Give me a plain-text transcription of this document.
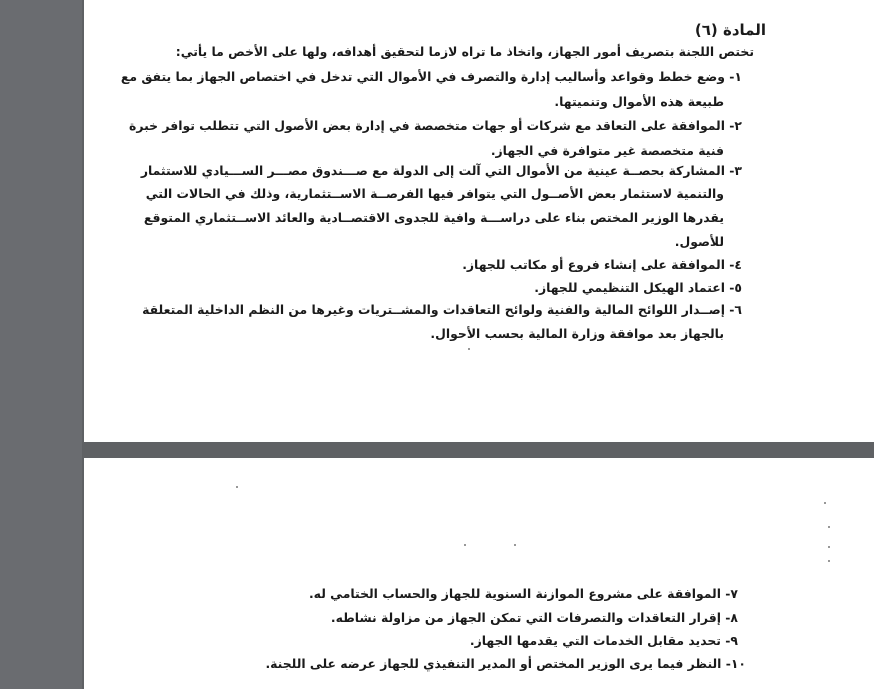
المادة (٦)
تختص اللجنة بتصريف أمور الجهاز، واتخاذ ما تراه لازما لتحقيق أهدافه، ولها على الأخص ما يأتي:
١- وضع خطط وقواعد وأساليب إدارة والتصرف في الأموال التي تدخل في اختصاص الجهاز بما يتفق مع
طبيعة هذه الأموال وتنميتها.
٢- الموافقة على التعاقد مع شركات أو جهات متخصصة في إدارة بعض الأصول التي تتطلب توافر خبرة
فنية متخصصة غير متوافرة في الجهاز.
٣- المشاركة بحصــة عينية من الأموال التي آلت إلى الدولة مع صـــندوق مصـــر الســـيادي للاستثمار
والتنمية لاستثمار بعض الأصــول التي يتوافر فيها الفرصــة الاســتثمارية، وذلك في الحالات التي
يقدرها الوزير المختص بناء على دراســـة وافية للجدوى الاقتصــادية والعائد الاســتثماري المتوقع
للأصول.
٤- الموافقة على إنشاء فروع أو مكاتب للجهاز.
٥- اعتماد الهيكل التنظيمي للجهاز.
٦- إصــدار اللوائح المالية والفنية ولوائح التعاقدات والمشــتريات وغيرها من النظم الداخلية المتعلقة
بالجهاز بعد موافقة وزارة المالية بحسب الأحوال.
٧- الموافقة على مشروع الموازنة السنوية للجهاز والحساب الختامي له.
٨- إقرار التعاقدات والتصرفات التي تمكن الجهاز من مزاولة نشاطه.
٩- تحديد مقابل الخدمات التي يقدمها الجهاز.
١٠- النظر فيما يرى الوزير المختص أو المدير التنفيذي للجهاز عرضه على اللجنة.
